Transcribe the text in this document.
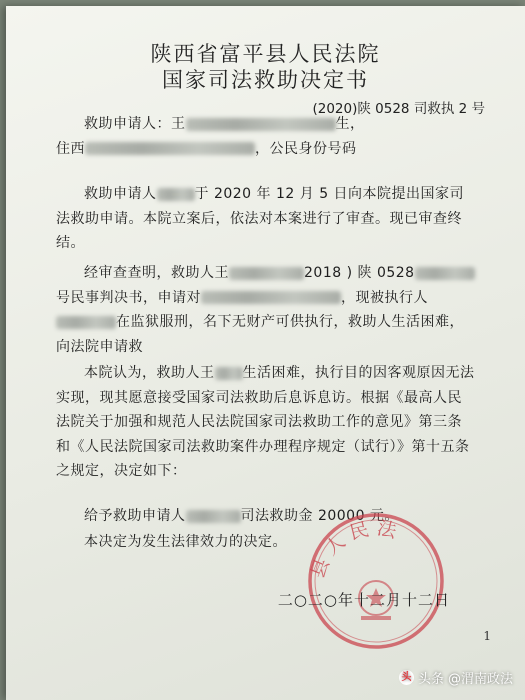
陕西省富平县人民法院
国家司法救助决定书
(2020)陕 0528 司救执 2 号

救助申请人：王	生，
住西	，公民身份号码

救助申请人	于 2020 年 12 月 5 日向本院提出国家司法救助申请。本院立案后，依法对本案进行了审查。现已审查终结。

经审查查明，救助人王	2018 ) 陕 0528号民事判决书，申请对	，现被执行人在监狱服刑，名下无财产可供执行，救助人生活困难，向法院申请救

本院认为，救助人王 生活困难，执行目的因客观原因无法实现，现其愿意接受国家司法救助后息诉息访。根据《最高人民法院关于加强和规范人民法院国家司法救助工作的意见》第三条和《人民法院国家司法救助案件办理程序规定（试行）》第十五条之规定，决定如下：

给予救助申请人	司法救助金 20000 元。

本决定为发生法律效力的决定。

县人民法
二○二○年十二月十二日
1
头 头条 @渭南政法
